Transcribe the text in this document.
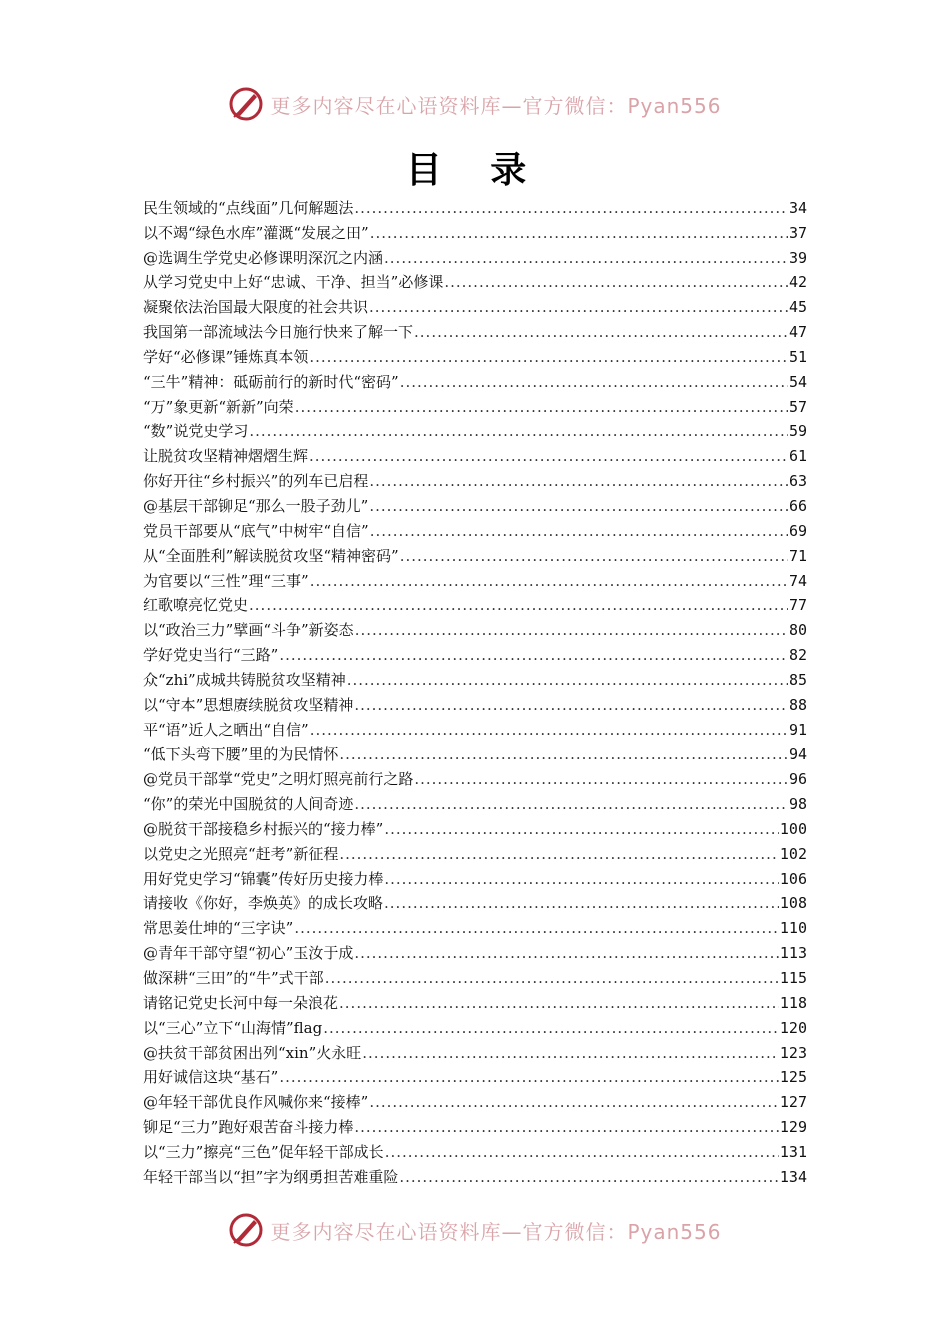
更多内容尽在心语资料库—官方微信：Pyan556
目 录
民生领域的“点线面”几何解题法 .....	34
以不竭“绿色水库”灌溉“发展之田” .....	37
@选调生学党史必修课明深沉之内涵 .....	39
从学习党史中上好“忠诚、干净、担当”必修课 .....	42
凝聚依法治国最大限度的社会共识 .....	45
我国第一部流域法今日施行快来了解一下 .....	47
学好“必修课”锤炼真本领 .....	51
“三牛”精神：砥砺前行的新时代“密码” .....	54
“万”象更新“新新”向荣 .....	57
“数”说党史学习 .....	59
让脱贫攻坚精神熠熠生辉 .....	61
你好开往“乡村振兴”的列车已启程 .....	63
@基层干部铆足“那么一股子劲儿” .....	66
党员干部要从“底气”中树牢“自信” .....	69
从“全面胜利”解读脱贫攻坚“精神密码” .....	71
为官要以“三性”理“三事” .....	74
红歌嘹亮忆党史 .....	77
以“政治三力”擘画“斗争”新姿态 .....	80
学好党史当行“三路” .....	82
众“zhi”成城共铸脱贫攻坚精神 .....	85
以“守本”思想赓续脱贫攻坚精神 .....	88
平“语”近人之晒出“自信” .....	91
“低下头弯下腰”里的为民情怀 .....	94
@党员干部掌“党史”之明灯照亮前行之路 .....	96
“你”的荣光中国脱贫的人间奇迹 .....	98
@脱贫干部接稳乡村振兴的“接力棒” .....	100
以党史之光照亮“赶考”新征程 .....	102
用好党史学习“锦囊”传好历史接力棒 .....	106
请接收《你好，李焕英》的成长攻略 .....	108
常思姜仕坤的“三字诀” .....	110
@青年干部守望“初心”玉汝于成 .....	113
做深耕“三田”的“牛”式干部 .....	115
请铭记党史长河中每一朵浪花 .....	118
以“三心”立下“山海情”flag .....	120
@扶贫干部贫困出列“xin”火永旺 .....	123
用好诚信这块“基石” .....	125
@年轻干部优良作风喊你来“接棒” .....	127
铆足“三力”跑好艰苦奋斗接力棒 .....	129
以“三力”擦亮“三色”促年轻干部成长 .....	131
年轻干部当以“担”字为纲勇担苦难重险 .....	134
更多内容尽在心语资料库—官方微信：Pyan556
